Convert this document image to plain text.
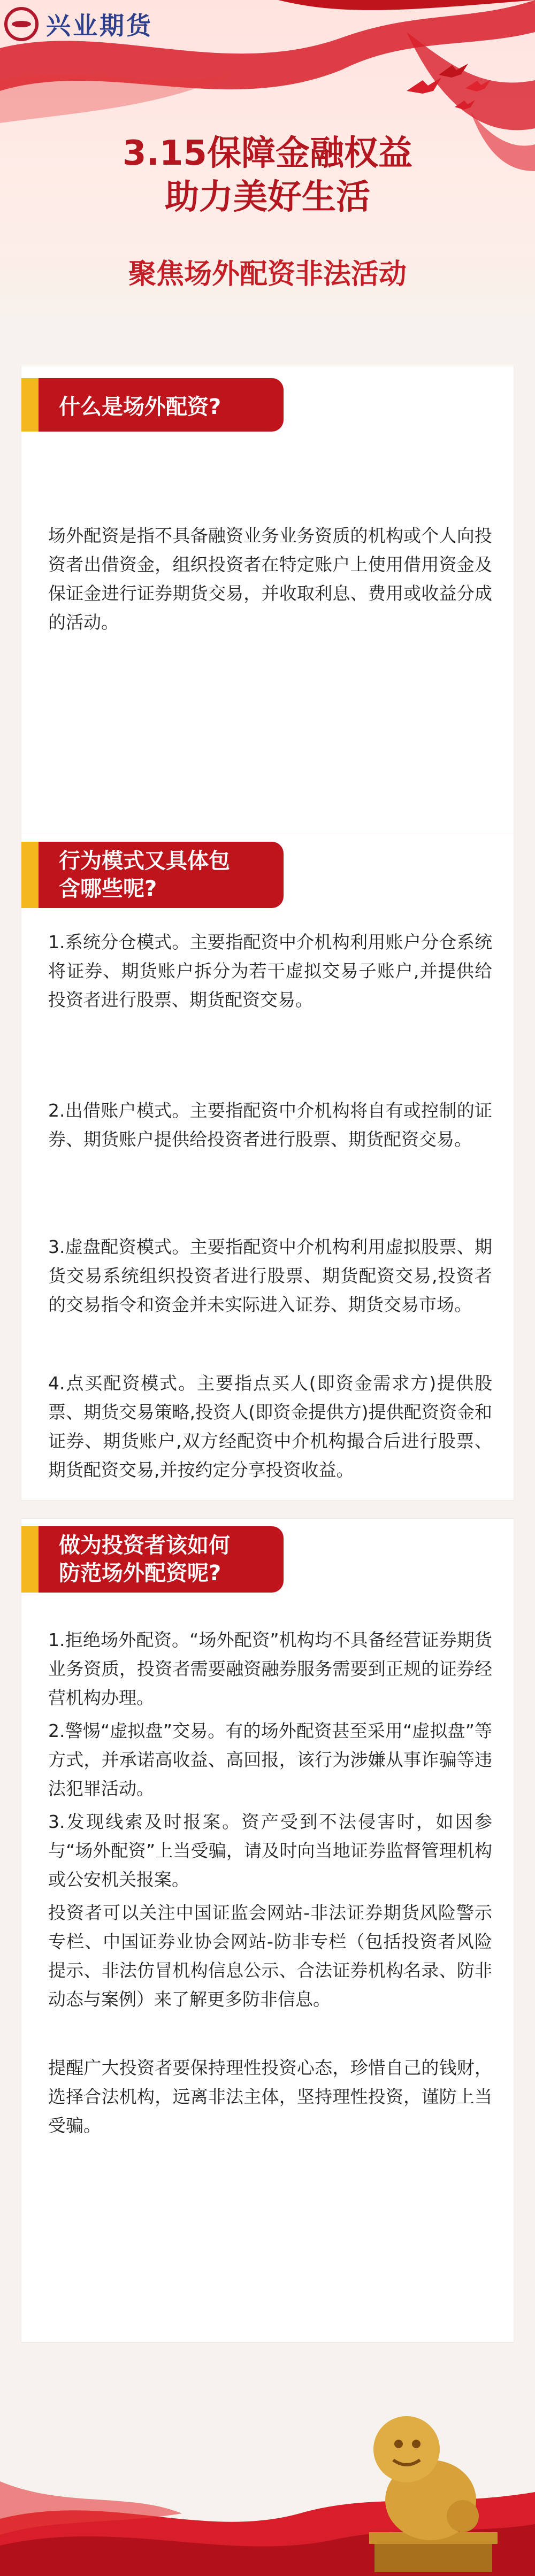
兴业期货
3.15保障金融权益
助力美好生活
聚焦场外配资非法活动
什么是场外配资?
场外配资是指不具备融资业务业务资质的机构或个人向投资者出借资金，组织投资者在特定账户上使用借用资金及保证金进行证券期货交易，并收取利息、费用或收益分成的活动。
行为模式又具体包
含哪些呢?
1.系统分仓模式。主要指配资中介机构利用账户分仓系统将证券、期货账户拆分为若干虚拟交易子账户,并提供给投资者进行股票、期货配资交易。
2.出借账户模式。主要指配资中介机构将自有或控制的证券、期货账户提供给投资者进行股票、期货配资交易。
3.虚盘配资模式。主要指配资中介机构利用虚拟股票、期货交易系统组织投资者进行股票、期货配资交易,投资者的交易指令和资金并未实际进入证券、期货交易市场。
4.点买配资模式。主要指点买人(即资金需求方)提供股票、期货交易策略,投资人(即资金提供方)提供配资资金和证券、期货账户,双方经配资中介机构撮合后进行股票、期货配资交易,并按约定分享投资收益。
做为投资者该如何
防范场外配资呢?
1.拒绝场外配资。“场外配资”机构均不具备经营证券期货业务资质，投资者需要融资融券服务需要到正规的证券经营机构办理。
2.警惕“虚拟盘”交易。有的场外配资甚至采用“虚拟盘”等方式，并承诺高收益、高回报，该行为涉嫌从事诈骗等违法犯罪活动。
3.发现线索及时报案。资产受到不法侵害时，如因参与“场外配资”上当受骗，请及时向当地证券监督管理机构或公安机关报案。
投资者可以关注中国证监会网站-非法证券期货风险警示专栏、中国证券业协会网站-防非专栏（包括投资者风险提示、非法仿冒机构信息公示、合法证券机构名录、防非动态与案例）来了解更多防非信息。
提醒广大投资者要保持理性投资心态，珍惜自己的钱财，选择合法机构，远离非法主体，坚持理性投资，谨防上当受骗。
